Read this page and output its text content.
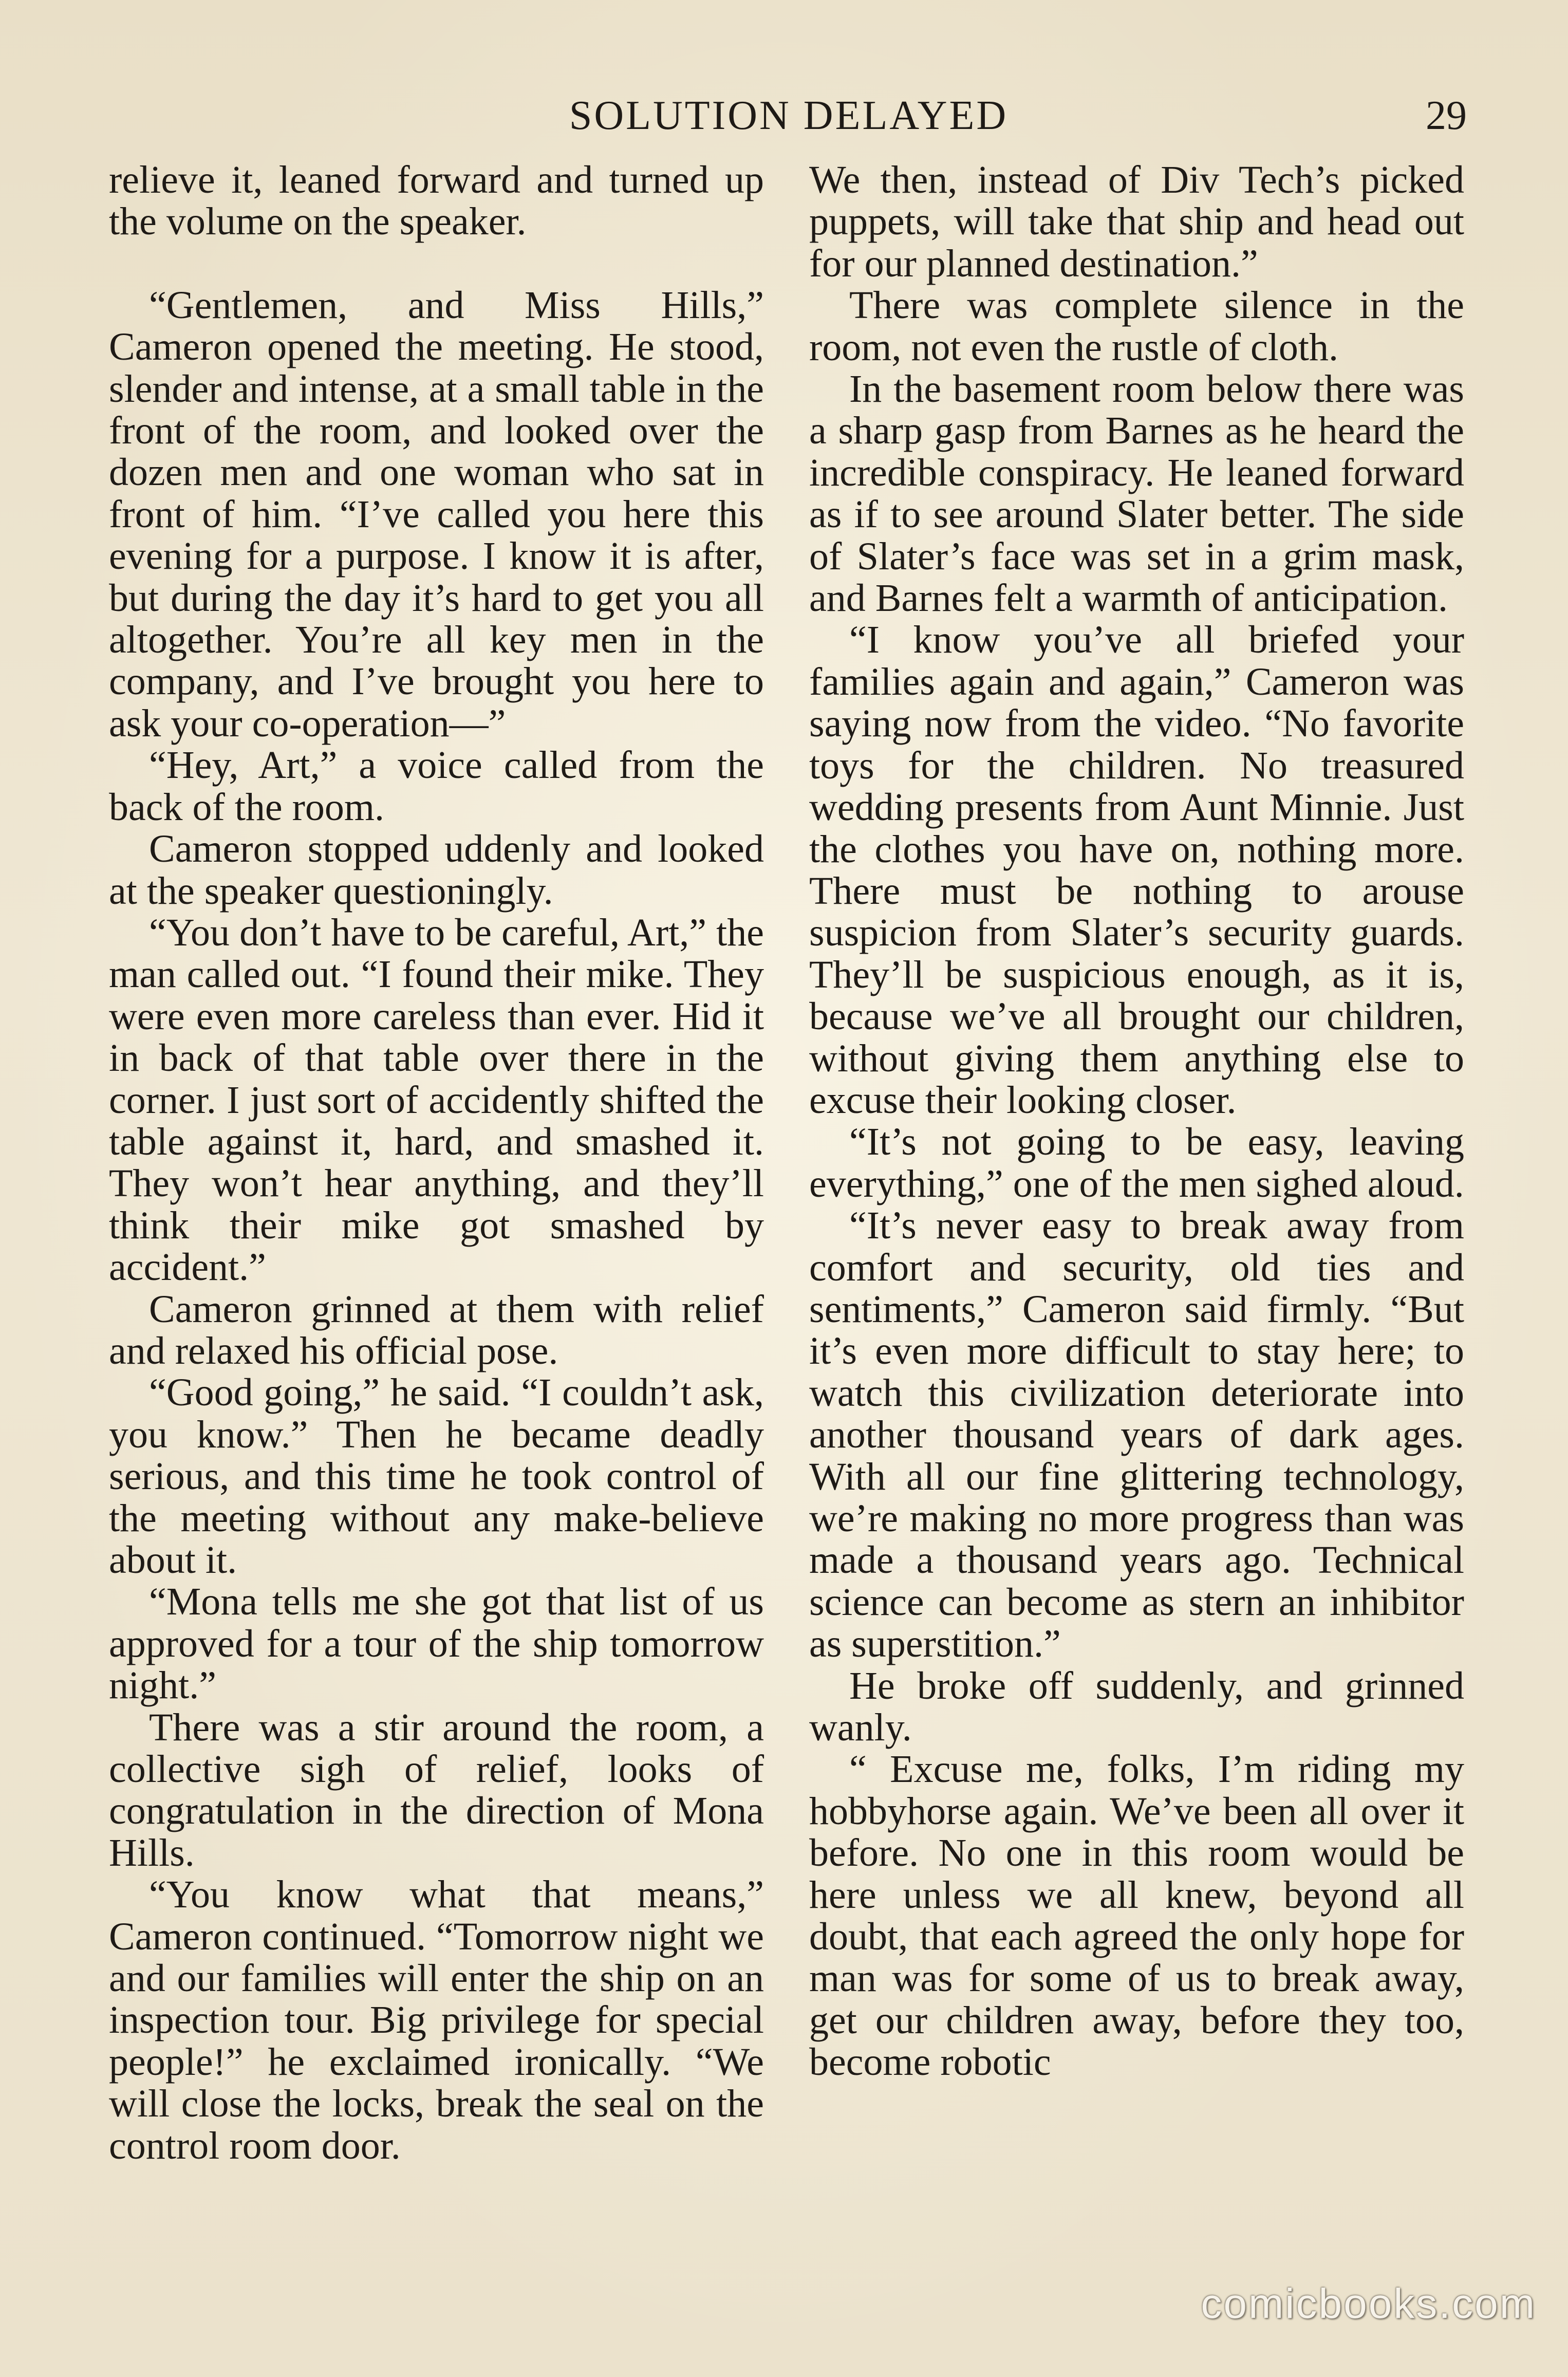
SOLUTION DELAYED	29

relieve it, leaned forward and turned up the volume on the speaker.

“Gentlemen, and Miss Hills,” Cameron opened the meeting. He stood, slender and intense, at a small table in the front of the room, and looked over the dozen men and one woman who sat in front of him. “I’ve called you here this evening for a purpose. I know it is after, but during the day it’s hard to get you all altogether. You’re all key men in the company, and I’ve brought you here to ask your co-operation—”

“Hey, Art,” a voice called from the back of the room.

Cameron stopped uddenly and looked at the speaker questioningly.

“You don’t have to be careful, Art,” the man called out. “I found their mike. They were even more careless than ever. Hid it in back of that table over there in the corner. I just sort of accidently shifted the table against it, hard, and smashed it. They won’t hear anything, and they’ll think their mike got smashed by accident.”

Cameron grinned at them with relief and relaxed his official pose.

“Good going,” he said. “I couldn’t ask, you know.” Then he became deadly serious, and this time he took control of the meeting without any make-believe about it.

“Mona tells me she got that list of us approved for a tour of the ship tomorrow night.”

There was a stir around the room, a collective sigh of relief, looks of congratulation in the direction of Mona Hills.

“You know what that means,” Cameron continued. “Tomorrow night we and our families will enter the ship on an inspection tour. Big privilege for special people!” he exclaimed ironically. “We will close the locks, break the seal on the control room door.

We then, instead of Div Tech’s picked puppets, will take that ship and head out for our planned destination.”

There was complete silence in the room, not even the rustle of cloth.

In the basement room below there was a sharp gasp from Barnes as he heard the incredible conspiracy. He leaned forward as if to see around Slater better. The side of Slater’s face was set in a grim mask, and Barnes felt a warmth of anticipation.

“I know you’ve all briefed your families again and again,” Cameron was saying now from the video. “No favorite toys for the children. No treasured wedding presents from Aunt Minnie. Just the clothes you have on, nothing more. There must be nothing to arouse suspicion from Slater’s security guards. They’ll be suspicious enough, as it is, because we’ve all brought our children, without giving them anything else to excuse their looking closer.

“It’s not going to be easy, leaving everything,” one of the men sighed aloud.

“It’s never easy to break away from comfort and security, old ties and sentiments,” Cameron said firmly. “But it’s even more difficult to stay here; to watch this civilization deteriorate into another thousand years of dark ages. With all our fine glittering technology, we’re making no more progress than was made a thousand years ago. Technical science can become as stern an inhibitor as superstition.”

He broke off suddenly, and grinned wanly.

“ Excuse me, folks, I’m riding my hobbyhorse again. We’ve been all over it before. No one in this room would be here unless we all knew, beyond all doubt, that each agreed the only hope for man was for some of us to break away, get our children away, before they too, become robotic

comicbooks.com
